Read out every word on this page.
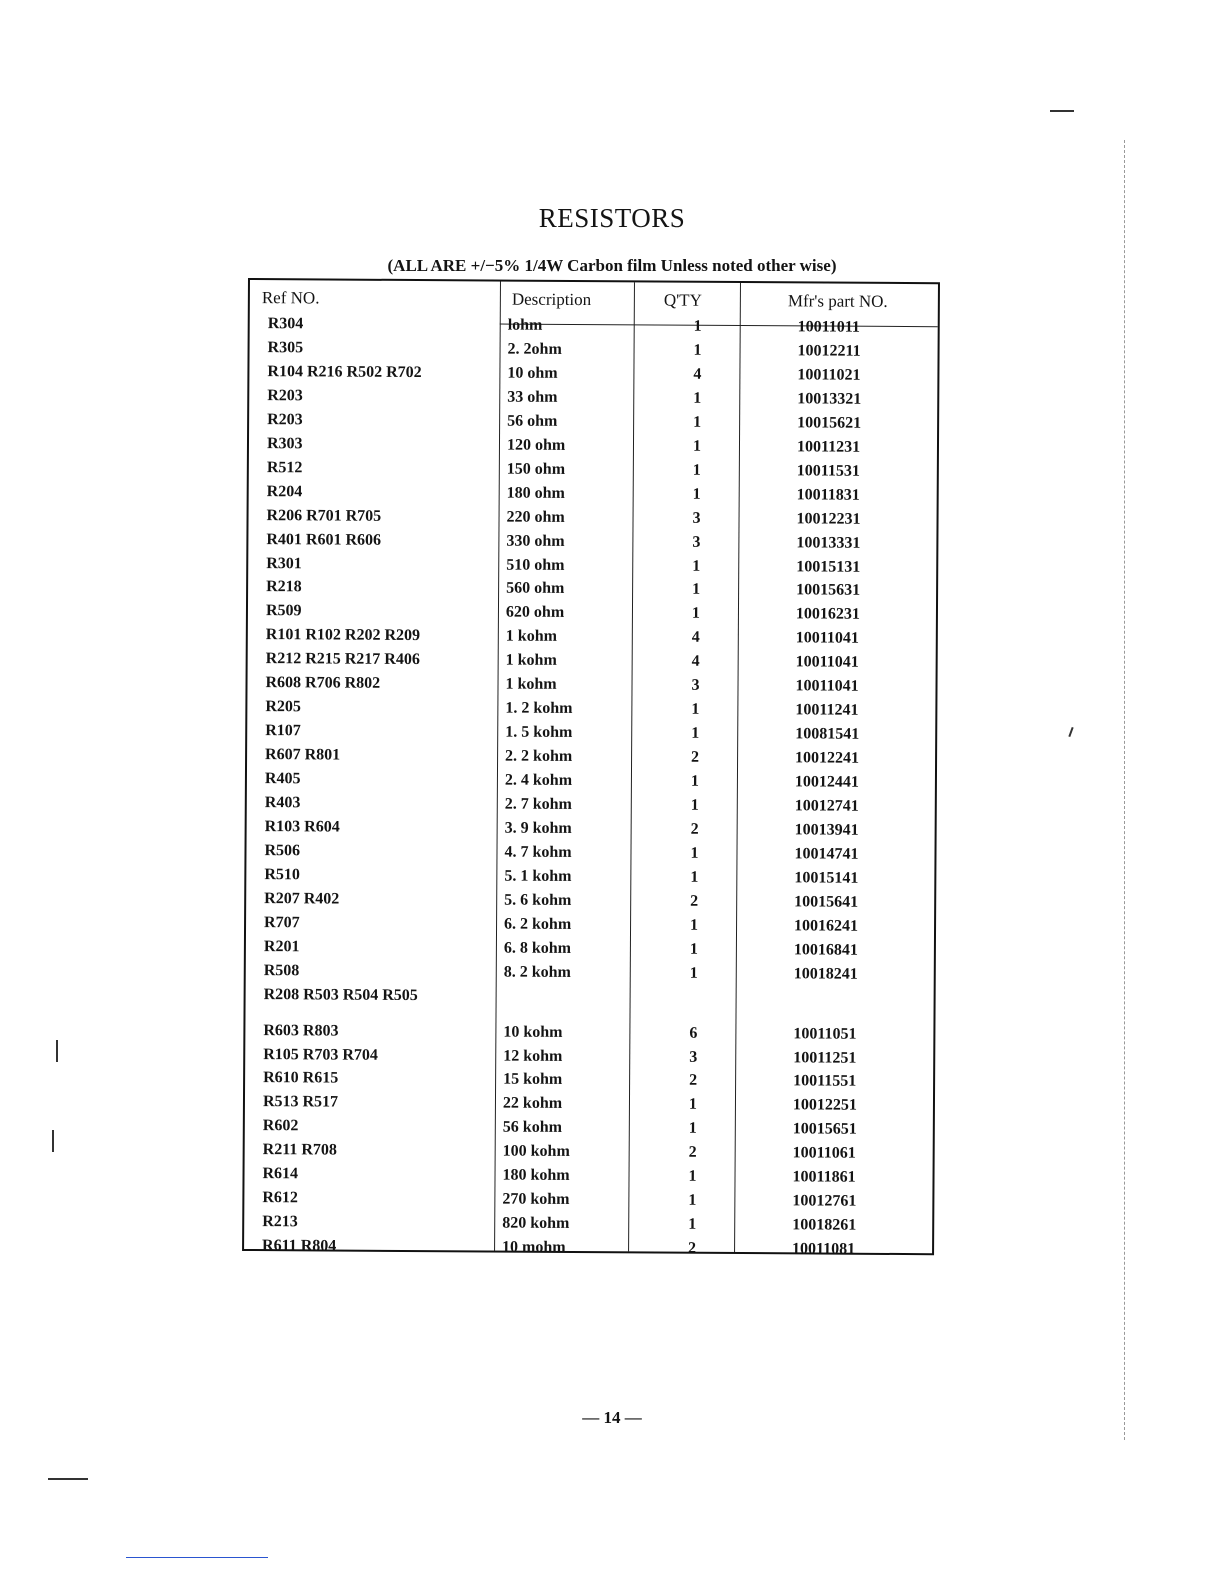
RESISTORS
(ALL ARE +/−5% 1/4W Carbon film Unless noted other wise)
Ref NO.	Description	Q'TY	Mfr's part NO.
R304	lohm	1	10011011
R305	2. 2ohm	1	10012211
R104 R216 R502 R702	10 ohm	4	10011021
R203	33 ohm	1	10013321
R203	56 ohm	1	10015621
R303	120 ohm	1	10011231
R512	150 ohm	1	10011531
R204	180 ohm	1	10011831
R206 R701 R705	220 ohm	3	10012231
R401 R601 R606	330 ohm	3	10013331
R301	510 ohm	1	10015131
R218	560 ohm	1	10015631
R509	620 ohm	1	10016231
R101 R102 R202 R209	1 kohm	4	10011041
R212 R215 R217 R406	1 kohm	4	10011041
R608 R706 R802	1 kohm	3	10011041
R205	1. 2 kohm	1	10011241
R107	1. 5 kohm	1	10081541
R607 R801	2. 2 kohm	2	10012241
R405	2. 4 kohm	1	10012441
R403	2. 7 kohm	1	10012741
R103 R604	3. 9 kohm	2	10013941
R506	4. 7 kohm	1	10014741
R510	5. 1 kohm	1	10015141
R207 R402	5. 6 kohm	2	10015641
R707	6. 2 kohm	1	10016241
R201	6. 8 kohm	1	10016841
R508	8. 2 kohm	1	10018241
R208 R503 R504 R505
R603 R803	10 kohm	6	10011051
R105 R703 R704	12 kohm	3	10011251
R610 R615	15 kohm	2	10011551
R513 R517	22 kohm	1	10012251
R602	56 kohm	1	10015651
R211 R708	100 kohm	2	10011061
R614	180 kohm	1	10011861
R612	270 kohm	1	10012761
R213	820 kohm	1	10018261
R611 R804	10 mohm	2	10011081
— 14 —
